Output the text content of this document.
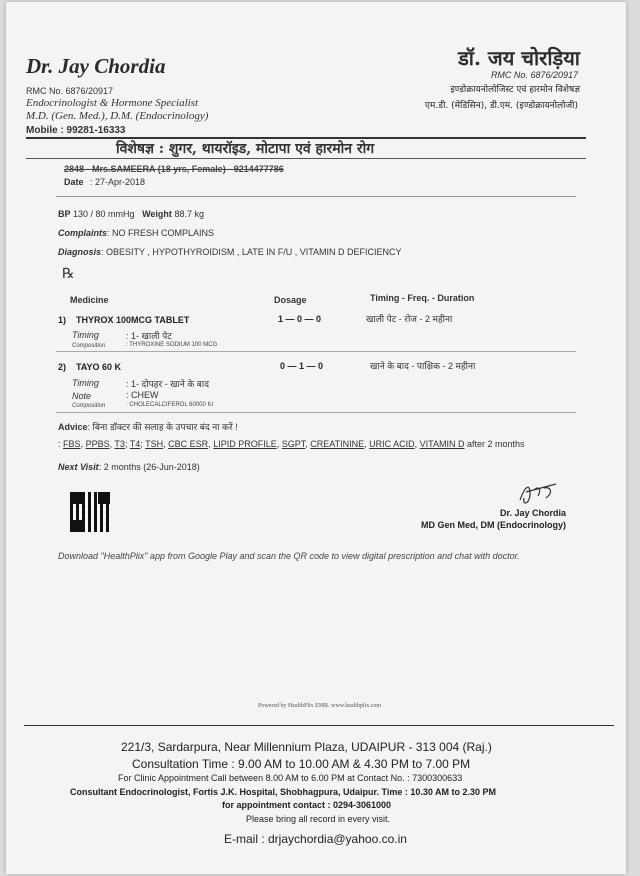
Dr. Jay Chordia
RMC No. 6876/20917
Endocrinologist & Hormone Specialist
M.D. (Gen. Med.), D.M. (Endocrinology)
Mobile : 99281-16333
डॉ. जय चोरड़िया
RMC No. 6876/20917
इण्डोक्रायनोलोजिस्ट एवं हारमोन विशेषज्ञ
एम.डी. (मेडिसिन), डी.एम. (इण्डोक्रायनोलोजी)
विशेषज्ञ : शुगर, थायरॉइड, मोटापा एवं हारमोन रोग
2848 - Mrs.SAMEERA (18 yrs, Female) - 9214477786
Date : 27-Apr-2018
BP 130 / 80 mmHg Weight 88.7 kg
Complaints: NO FRESH COMPLAINS
Diagnosis: OBESITY , HYPOTHYROIDISM , LATE IN F/U , VITAMIN D DEFICIENCY
℞
Medicine	Dosage	Timing - Freq. - Duration
1) THYROX 100MCG TABLET	1 — 0 — 0	खाली पेट - रोज - 2 महीना
Timing	: 1- खाली पेट
Composition	: THYROXINE SODIUM 100 MCG
2) TAYO 60 K	0 — 1 — 0	खाने के बाद - पाक्षिक - 2 महीना
Timing	: 1- दोपहर - खाने के बाद
Note	: CHEW
Composition	: CHOLECALCIFEROL 60000 IU
Advice: बिना डॉक्टर की सलाह के उपचार बंद ना करें !
: FBS, PPBS, T3; T4; TSH, CBC ESR, LIPID PROFILE, SGPT, CREATININE, URIC ACID, VITAMIN D after 2 months
Next Visit: 2 months (26-Jun-2018)
Dr. Jay Chordia
MD Gen Med, DM (Endocrinology)
Download "HealthPlix" app from Google Play and scan the QR code to view digital prescription and chat with doctor.
Powered by HealthPlix EMR. www.healthplix.com
221/3, Sardarpura, Near Millennium Plaza, UDAIPUR - 313 004 (Raj.)
Consultation Time : 9.00 AM to 10.00 AM & 4.30 PM to 7.00 PM
For Clinic Appointment Call between 8.00 AM to 6.00 PM at Contact No. : 7300300633
Consultant Endocrinologist, Fortis J.K. Hospital, Shobhagpura, Udaipur. Time : 10.30 AM to 2.30 PM
for appointment contact : 0294-3061000
Please bring all record in every visit.
E-mail : drjaychordia@yahoo.co.in
